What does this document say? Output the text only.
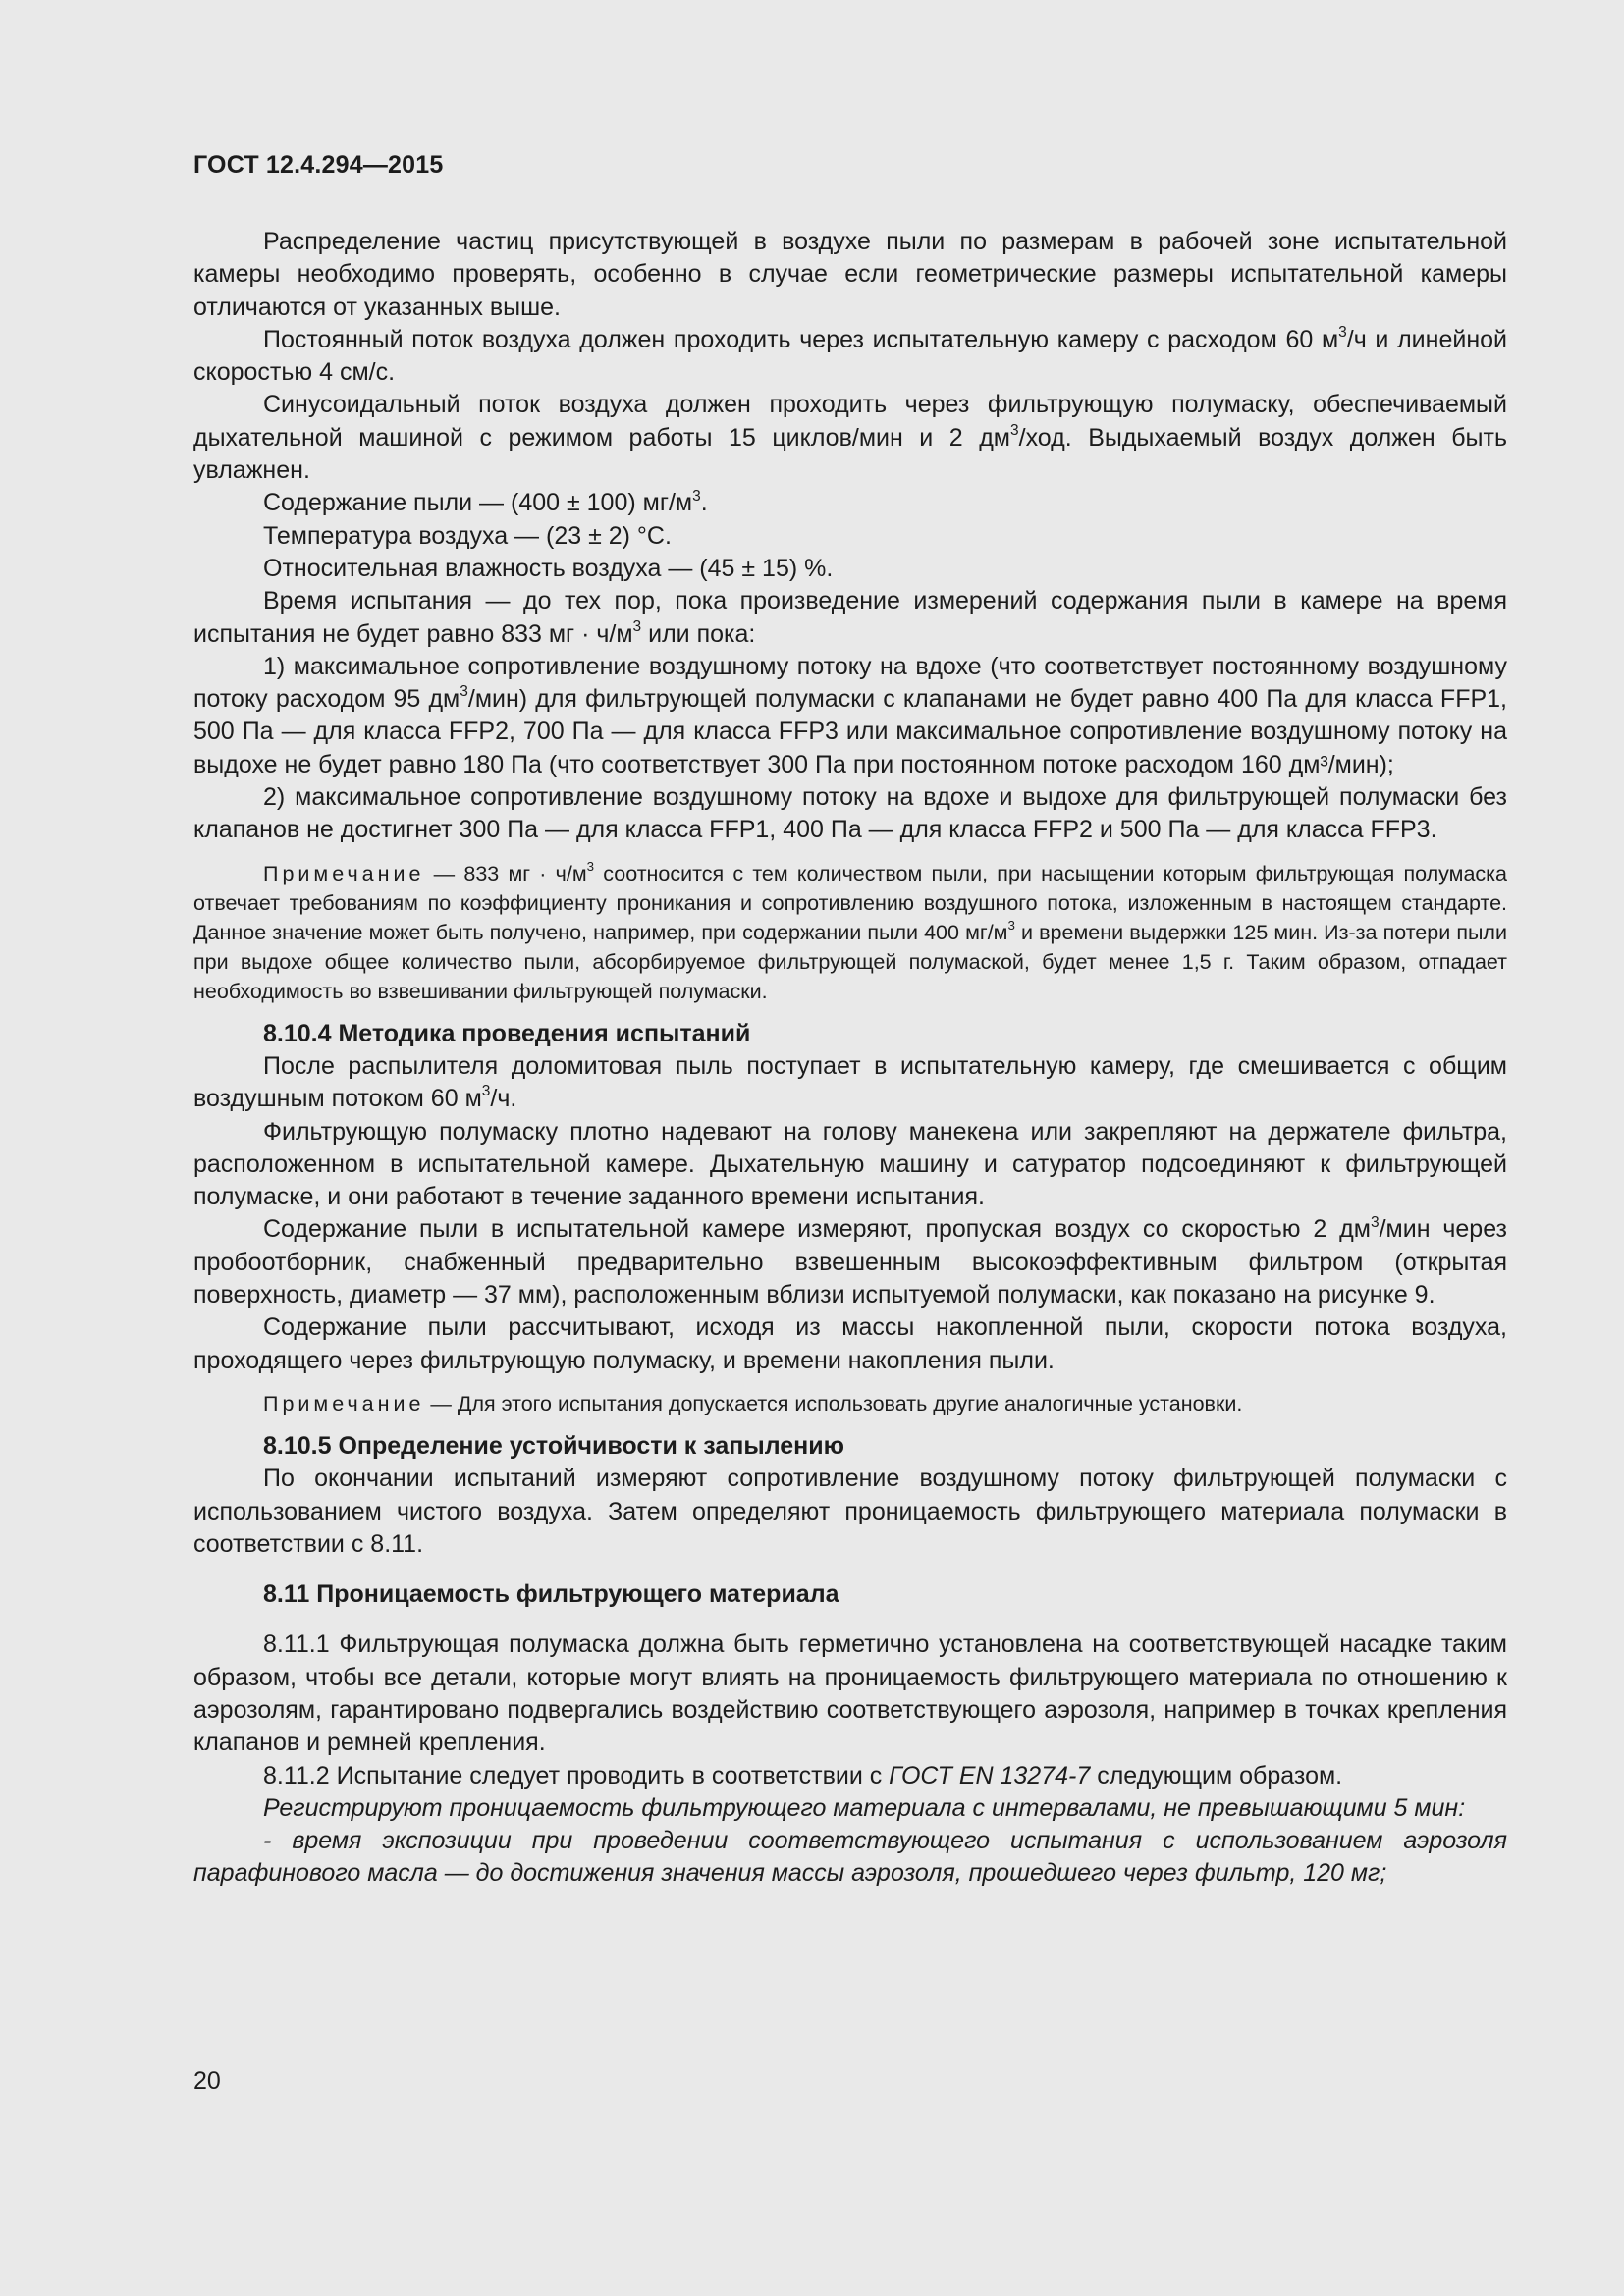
ГОСТ 12.4.294—2015

Распределение частиц присутствующей в воздухе пыли по размерам в рабочей зоне испытательной камеры необходимо проверять, особенно в случае если геометрические размеры испытательной камеры отличаются от указанных выше.

Постоянный поток воздуха должен проходить через испытательную камеру с расходом 60 $м^3/ч$ и линейной скоростью 4 см/с.

Синусоидальный поток воздуха должен проходить через фильтрующую полумаску, обеспечиваемый дыхательной машиной с режимом работы 15 циклов/мин и 2 $дм^3$/ход. Выдыхаемый воздух должен быть увлажнен.

Содержание пыли — (400 ± 100) $мг/м^3$.

Температура воздуха — (23 ± 2) °C.

Относительная влажность воздуха — (45 ± 15) %.

Время испытания — до тех пор, пока произведение измерений содержания пыли в камере на время испытания не будет равно 833 мг · $ч/м^3$ или пока:

1) максимальное сопротивление воздушному потоку на вдохе (что соответствует постоянному воздушному потоку расходом 95 $дм^3/мин$) для фильтрующей полумаски с клапанами не будет равно 400 Па для класса FFP1, 500 Па — для класса FFP2, 700 Па — для класса FFP3 или максимальное сопротивление воздушному потоку на выдохе не будет равно 180 Па (что соответствует 300 Па при постоянном потоке расходом 160 дм³/мин);

2) максимальное сопротивление воздушному потоку на вдохе и выдохе для фильтрующей полумаски без клапанов не достигнет 300 Па — для класса FFP1, 400 Па — для класса FFP2 и 500 Па — для класса FFP3.

Примечание — 833 мг · $ч/м^3$ соотносится с тем количеством пыли, при насыщении которым фильтрующая полумаска отвечает требованиям по коэффициенту проникания и сопротивлению воздушного потока, изложенным в настоящем стандарте. Данное значение может быть получено, например, при содержании пыли 400 $мг/м^3$ и времени выдержки 125 мин. Из-за потери пыли при выдохе общее количество пыли, абсорбируемое фильтрующей полумаской, будет менее 1,5 г. Таким образом, отпадает необходимость во взвешивании фильтрующей полумаски.

8.10.4 Методика проведения испытаний

После распылителя доломитовая пыль поступает в испытательную камеру, где смешивается с общим воздушным потоком 60 $м^3/ч$.

Фильтрующую полумаску плотно надевают на голову манекена или закрепляют на держателе фильтра, расположенном в испытательной камере. Дыхательную машину и сатуратор подсоединяют к фильтрующей полумаске, и они работают в течение заданного времени испытания.

Содержание пыли в испытательной камере измеряют, пропуская воздух со скоростью 2 $дм^3$/мин через пробоотборник, снабженный предварительно взвешенным высокоэффективным фильтром (открытая поверхность, диаметр — 37 мм), расположенным вблизи испытуемой полумаски, как показано на рисунке 9.

Содержание пыли рассчитывают, исходя из массы накопленной пыли, скорости потока воздуха, проходящего через фильтрующую полумаску, и времени накопления пыли.

Примечание — Для этого испытания допускается использовать другие аналогичные установки.

8.10.5 Определение устойчивости к запылению

По окончании испытаний измеряют сопротивление воздушному потоку фильтрующей полумаски с использованием чистого воздуха. Затем определяют проницаемость фильтрующего материала полумаски в соответствии с 8.11.

8.11 Проницаемость фильтрующего материала

8.11.1 Фильтрующая полумаска должна быть герметично установлена на соответствующей насадке таким образом, чтобы все детали, которые могут влиять на проницаемость фильтрующего материала по отношению к аэрозолям, гарантировано подвергались воздействию соответствующего аэрозоля, например в точках крепления клапанов и ремней крепления.

8.11.2 Испытание следует проводить в соответствии с ГОСТ EN 13274-7 следующим образом.

Регистрируют проницаемость фильтрующего материала с интервалами, не превышающими 5 мин:

- время экспозиции при проведении соответствующего испытания с использованием аэрозоля парафинового масла — до достижения значения массы аэрозоля, прошедшего через фильтр, 120 мг;

20
